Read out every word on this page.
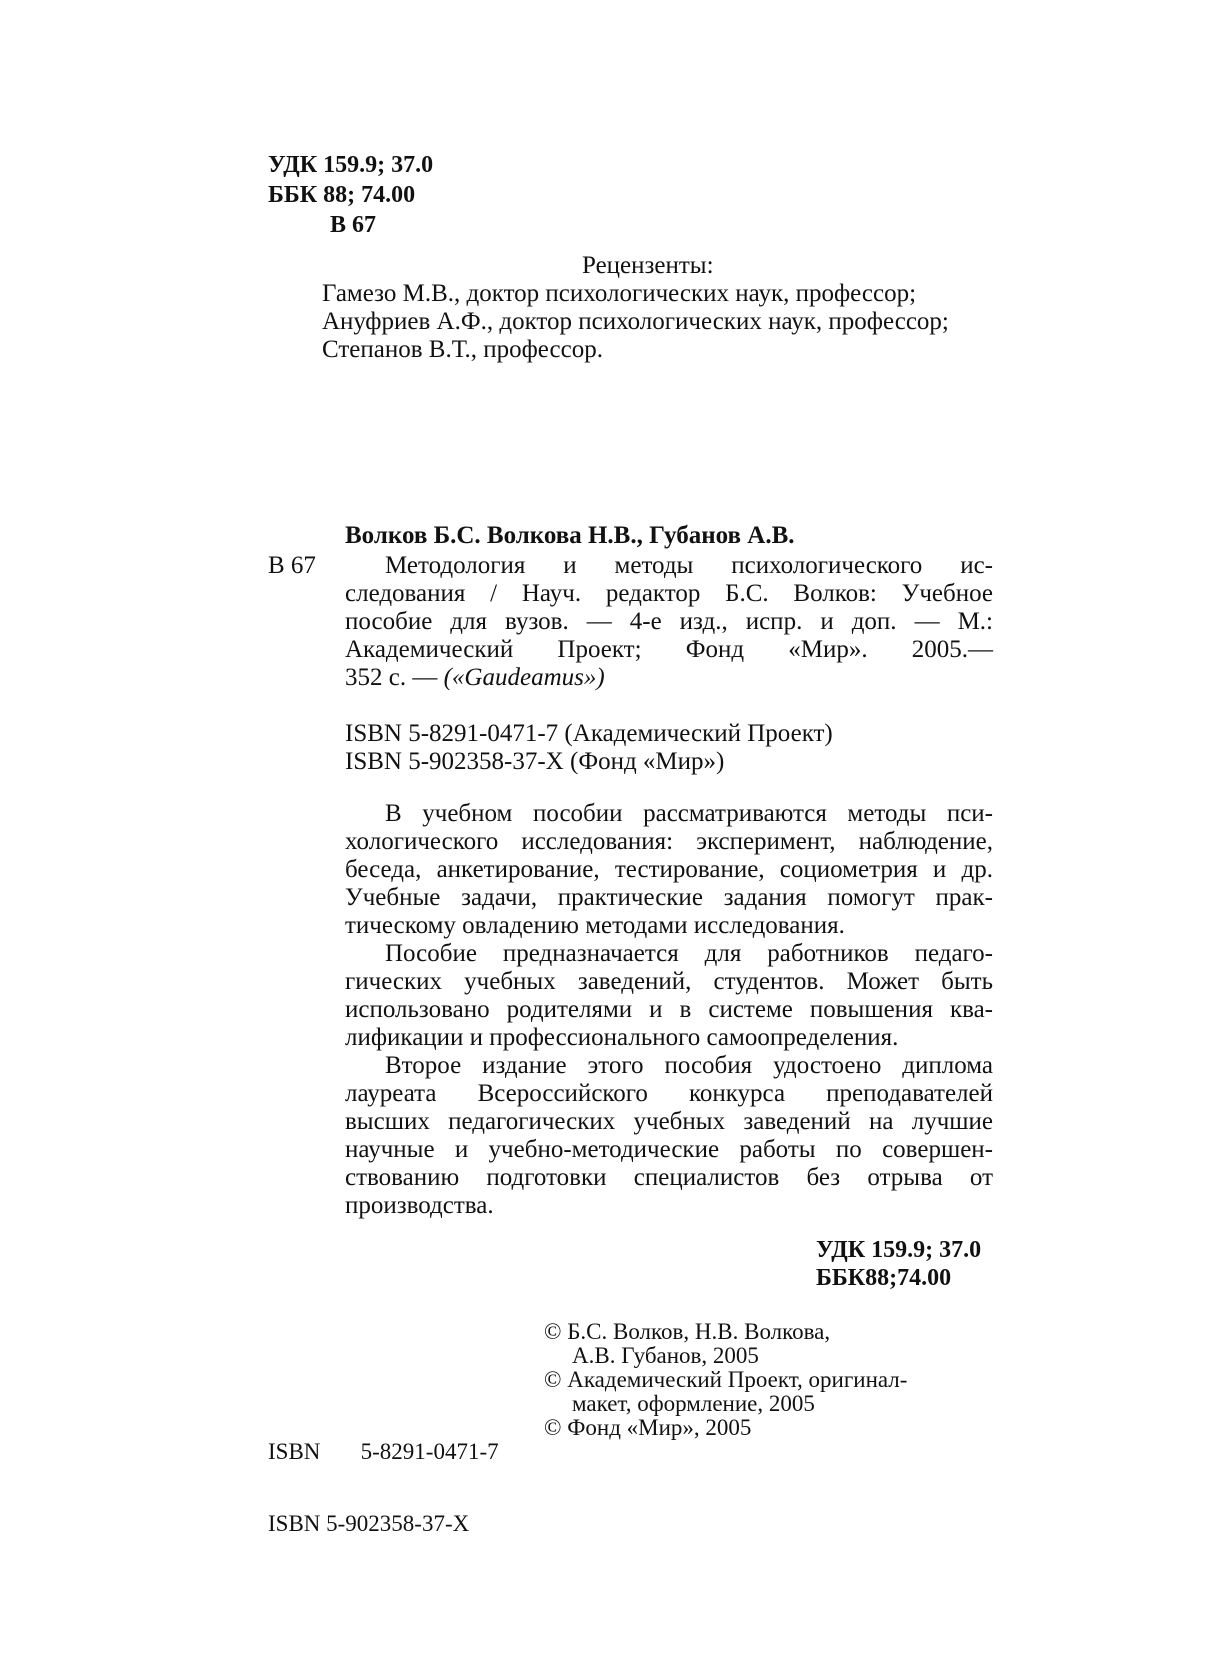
УДК 159.9; 37.0
ББК 88; 74.00
В 67
Рецензенты:
Гамезо М.В., доктор психологических наук, профессор;
Ануфриев А.Ф., доктор психологических наук, профессор;
Степанов В.Т., профессор.
Волков Б.С. Волкова Н.В., Губанов А.В.
В 67	Методология и методы психологического ис-
следования / Науч. редактор Б.С. Волков: Учебное
пособие для вузов. — 4-е изд., испр. и доп. — М.:
Академический Проект; Фонд «Мир». 2005.—
352 с. — («Gaudeamus»)
ISBN 5-8291-0471-7 (Академический Проект)
ISBN 5-902358-37-X (Фонд «Мир»)

В учебном пособии рассматриваются методы пси-
хологического исследования: эксперимент, наблюдение,
беседа, анкетирование, тестирование, социометрия и др.
Учебные задачи, практические задания помогут прак-
тическому овладению методами исследования.

Пособие предназначается для работников педаго-
гических учебных заведений, студентов. Может быть
использовано родителями и в системе повышения ква-
лификации и профессионального самоопределения.

Второе издание этого пособия удостоено диплома
лауреата Всероссийского конкурса преподавателей
высших педагогических учебных заведений на лучшие
научные и учебно-методические работы по совершен-
ствованию подготовки специалистов без отрыва от
производства.

УДК 159.9; 37.0
ББК88;74.00
© Б.С. Волков, Н.В. Волкова,
А.В. Губанов, 2005
© Академический Проект, оригинал-
макет, оформление, 2005
© Фонд «Мир», 2005

ISBN       5-8291-0471-7

ISBN 5-902358-37-X
